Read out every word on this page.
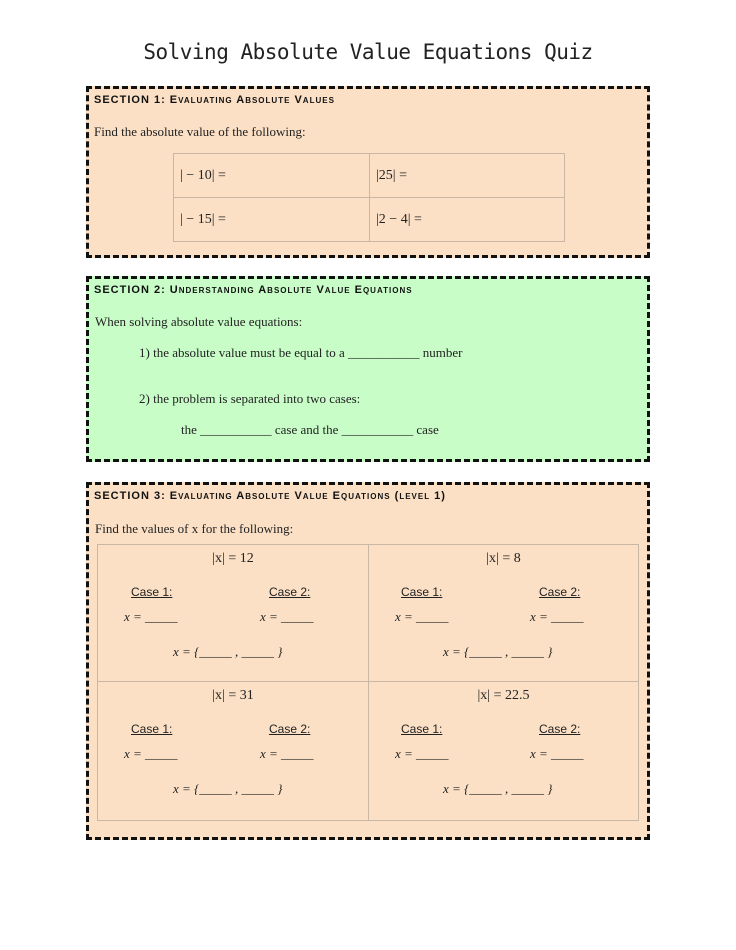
Solving Absolute Value Equations Quiz
SECTION 1: Evaluating Absolute Values
Find the absolute value of the following:
| − 10| =	|25| =
| − 15| =	|2 − 4| =
SECTION 2: Understanding Absolute Value Equations
When solving absolute value equations:
1) the absolute value must be equal to a ___________ number
2) the problem is separated into two cases:
the ___________ case and the ___________ case
SECTION 3: Evaluating Absolute Value Equations (level 1)
Find the values of x for the following:
|x| = 12
Case 1:	Case 2:
x = _____	x = _____
x = {_____ , _____ }
|x| = 8
Case 1:	Case 2:
x = _____	x = _____
x = {_____ , _____ }
|x| = 31
Case 1:	Case 2:
x = _____	x = _____
x = {_____ , _____ }
|x| = 22.5
Case 1:	Case 2:
x = _____	x = _____
x = {_____ , _____ }
